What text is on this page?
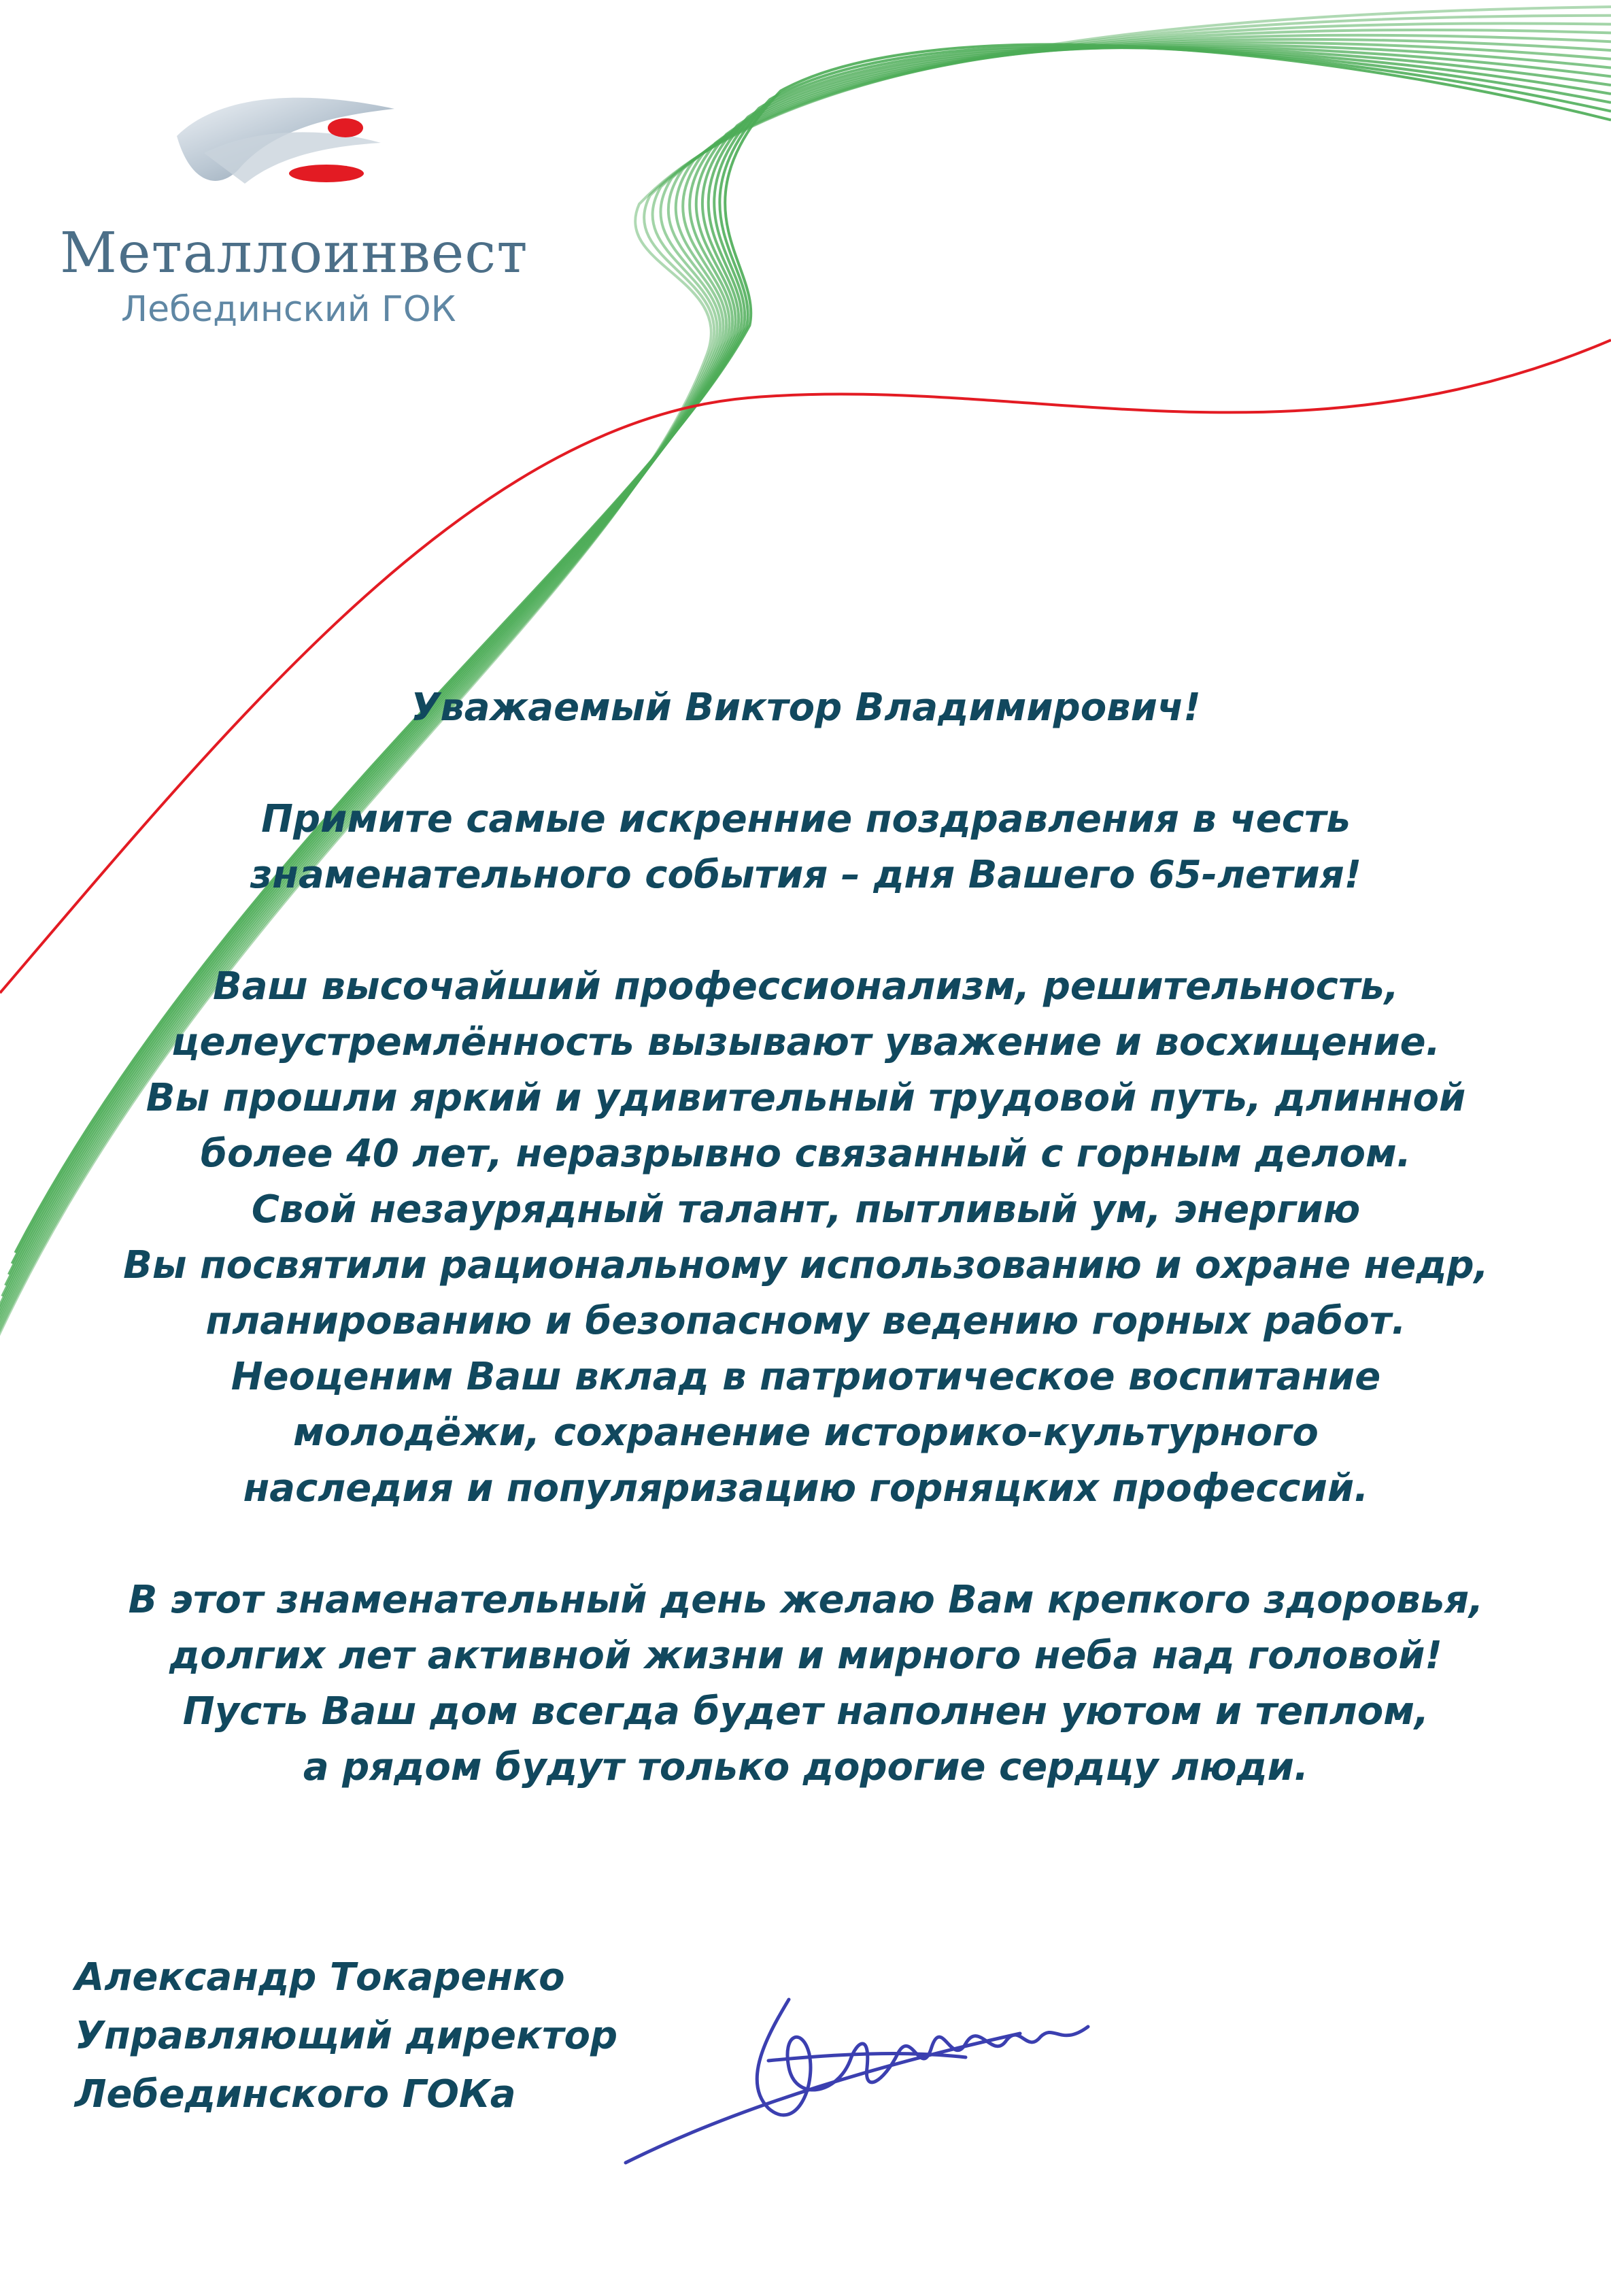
Металлоинвест
Лебединский ГОК

Уважаемый Виктор Владимирович!

Примите самые искренние поздравления в честь

знаменательного события – дня Вашего 65-летия!

Ваш высочайший профессионализм, решительность,

целеустремлённость вызывают уважение и восхищение.

Вы прошли яркий и удивительный трудовой путь, длинной

более 40 лет, неразрывно связанный с горным делом.

Свой незаурядный талант, пытливый ум, энергию

Вы посвятили рациональному использованию и охране недр,

планированию и безопасному ведению горных работ.

Неоценим Ваш вклад в патриотическое воспитание

молодёжи, сохранение историко-культурного

наследия и популяризацию горняцких профессий.

В этот знаменательный день желаю Вам крепкого здоровья,

долгих лет активной жизни и мирного неба над головой!

Пусть Ваш дом всегда будет наполнен уютом и теплом,

а рядом будут только дорогие сердцу люди.

Александр Токаренко

Управляющий директор

Лебединского ГОКа
